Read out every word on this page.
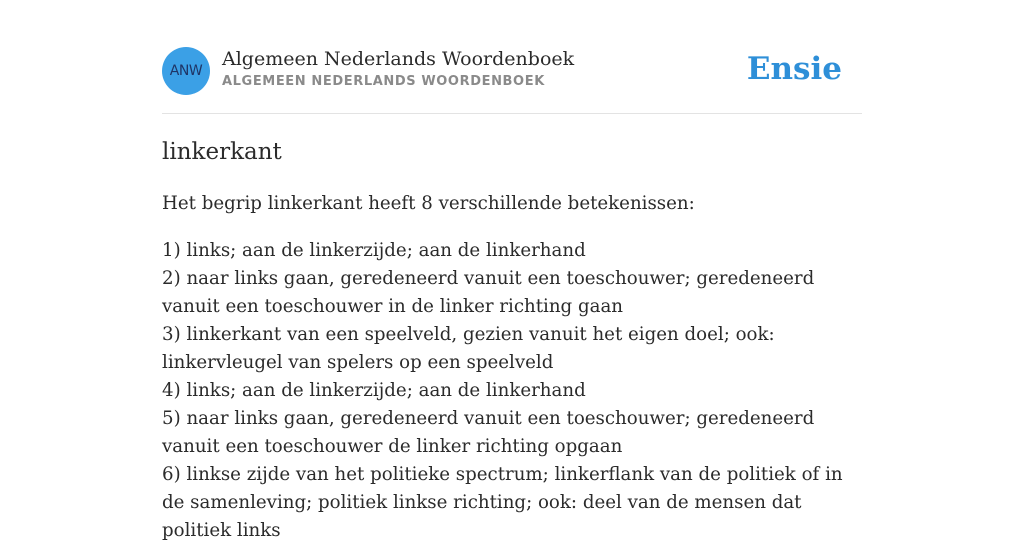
ANW
Algemeen Nederlands Woordenboek
ALGEMEEN NEDERLANDS WOORDENBOEK	Ensie
linkerkant

Het begrip linkerkant heeft 8 verschillende betekenissen:

1) links; aan de linkerzijde; aan de linkerhand
2) naar links gaan, geredeneerd vanuit een toeschouwer; geredeneerd vanuit een toeschouwer in de linker richting gaan
3) linkerkant van een speelveld, gezien vanuit het eigen doel; ook: linkervleugel van spelers op een speelveld
4) links; aan de linkerzijde; aan de linkerhand
5) naar links gaan, geredeneerd vanuit een toeschouwer; geredeneerd vanuit een toeschouwer de linker richting opgaan
6) linkse zijde van het politieke spectrum; linkerflank van de politiek of in de samenleving; politiek linkse richting; ook: deel van de mensen dat politiek links
